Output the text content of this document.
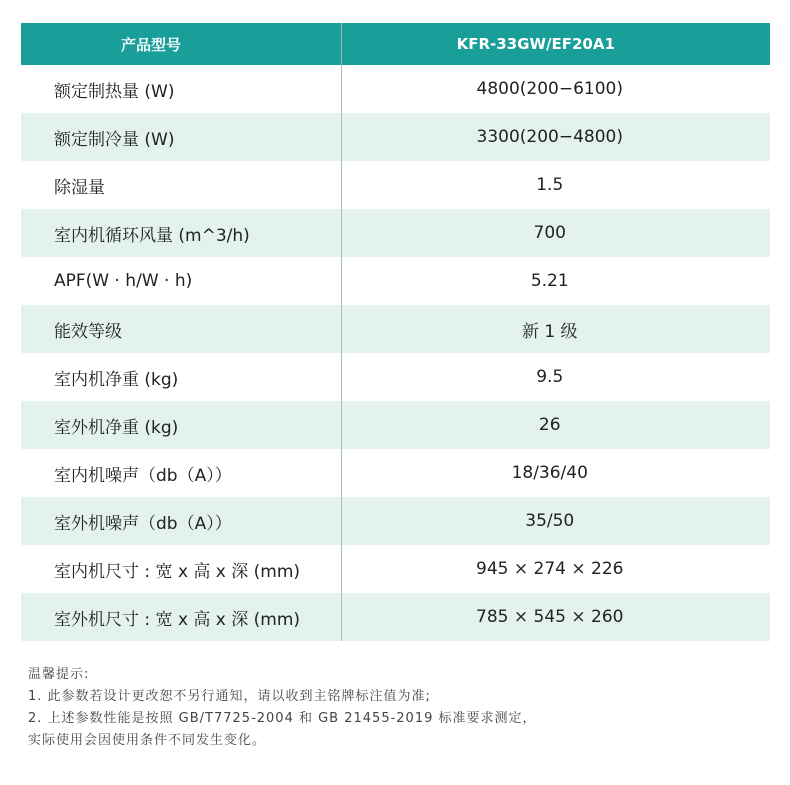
产品型号	KFR-33GW/EF20A1
额定制热量 (W)	4800(200−6100)
额定制冷量 (W)	3300(200−4800)
除湿量	1.5
室内机循环风量 (m^3/h)	700
APF(W · h/W · h)	5.21
能效等级	新 1 级
室内机净重 (kg)	9.5
室外机净重 (kg)	26
室内机噪声（db（A））	18/36/40
室外机噪声（db（A））	35/50
室内机尺寸 : 宽 x 高 x 深 (mm)	945 × 274 × 226
室外机尺寸 : 宽 x 高 x 深 (mm)	785 × 545 × 260
温馨提示:
1. 此参数若设计更改恕不另行通知，请以收到主铭牌标注值为准;
2. 上述参数性能是按照 GB/T7725-2004 和 GB 21455-2019 标准要求测定，
实际使用会因使用条件不同发生变化。
